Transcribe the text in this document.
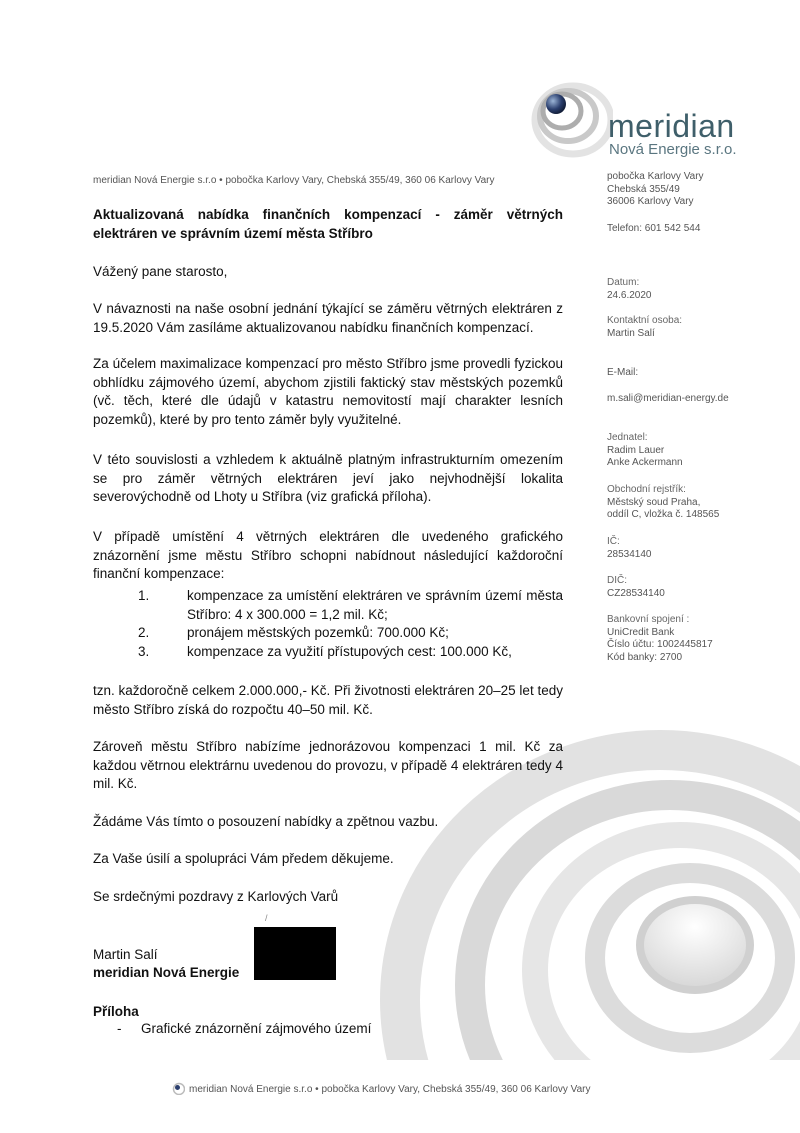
meridian
Nová Energie s.r.o.
meridian Nová Energie s.r.o • pobočka Karlovy Vary, Chebská 355/49, 360 06 Karlovy Vary	pobočka Karlovy Vary
Chebská 355/49
36006 Karlovy Vary
Telefon: 601 542 544
Datum:
24.6.2020
Kontaktní osoba:
Martin Salí
E-Mail:
m.sali@meridian-energy.de
Jednatel:
Radim Lauer
Anke Ackermann
Obchodní rejstřík:
Městský soud Praha,
oddíl C, vložka č. 148565
IČ:
28534140
DIČ:
CZ28534140
Bankovní spojení :
UniCredit Bank
Číslo účtu: 1002445817
Kód banky: 2700
Aktualizovaná nabídka finančních kompenzací - záměr větrných elektráren ve správním území města Stříbro
Vážený pane starosto,
V návaznosti na naše osobní jednání týkající se záměru větrných elektráren z 19.5.2020 Vám zasíláme aktualizovanou nabídku finančních kompenzací.
Za účelem maximalizace kompenzací pro město Stříbro jsme provedli fyzickou obhlídku zájmového území, abychom zjistili faktický stav městských pozemků (vč. těch, které dle údajů v katastru nemovitostí mají charakter lesních pozemků), které by pro tento záměr byly využitelné.
V této souvislosti a vzhledem k aktuálně platným infrastrukturním omezením se pro záměr větrných elektráren jeví jako nejvhodnější lokalita severovýchodně od Lhoty u Stříbra (viz grafická příloha).
V případě umístění 4 větrných elektráren dle uvedeného grafického znázornění jsme městu Stříbro schopni nabídnout následující každoroční finanční kompenzace:
1.	kompenzace za umístění elektráren ve správním území města Stříbro: 4 x 300.000 = 1,2 mil. Kč;
2.	pronájem městských pozemků: 700.000 Kč;
3.	kompenzace za využití přístupových cest: 100.000 Kč,
tzn. každoročně celkem 2.000.000,- Kč. Při životnosti elektráren 20–25 let tedy město Stříbro získá do rozpočtu 40–50 mil. Kč.
Zároveň městu Stříbro nabízíme jednorázovou kompenzaci 1 mil. Kč za každou větrnou elektrárnu uvedenou do provozu, v případě 4 elektráren tedy 4 mil. Kč.
Žádáme Vás tímto o posouzení nabídky a zpětnou vazbu.
Za Vaše úsilí a spolupráci Vám předem děkujeme.
Se srdečnými pozdravy z Karlových Varů
Martin Salí
meridian Nová Energie
/
Příloha
- Grafické znázornění zájmového území
meridian Nová Energie s.r.o • pobočka Karlovy Vary, Chebská 355/49, 360 06 Karlovy Vary
